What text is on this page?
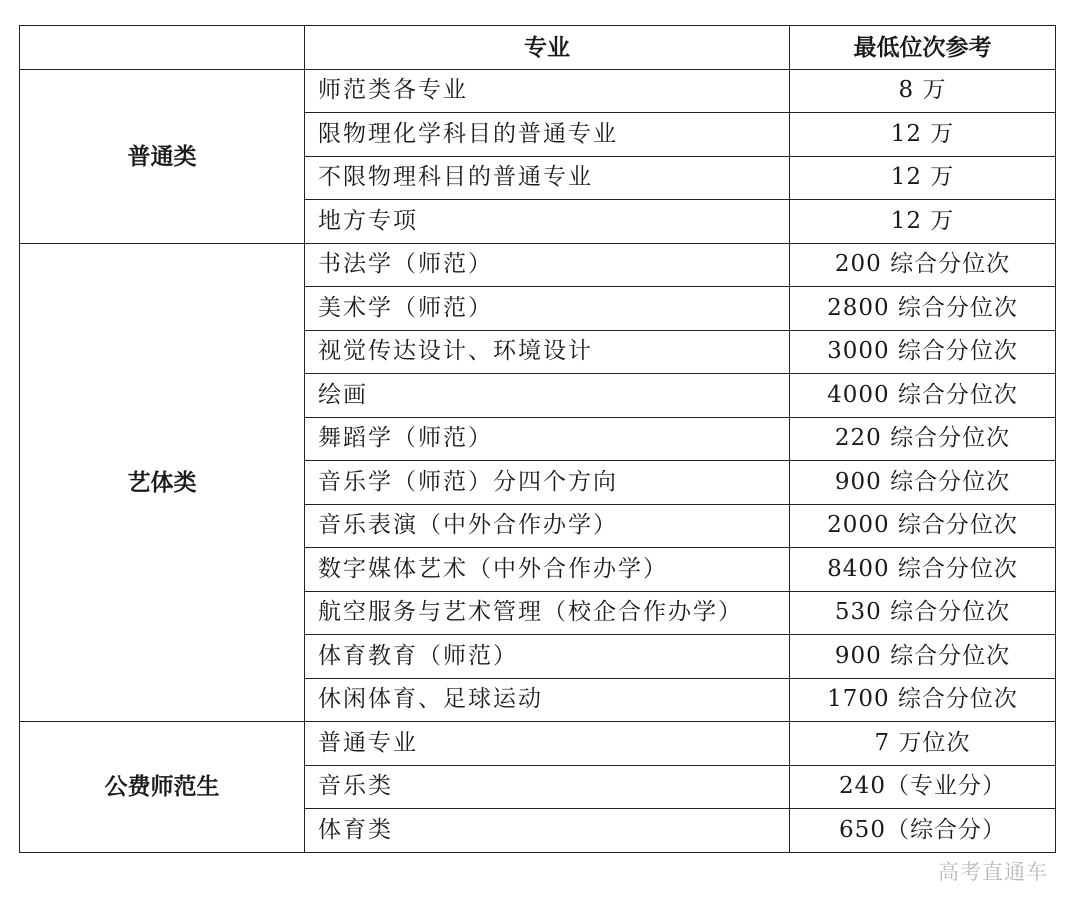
	专业	最低位次参考
普通类	师范类各专业	8 万
	限物理化学科目的普通专业	12 万
	不限物理科目的普通专业	12 万
	地方专项	12 万
艺体类	书法学（师范）	200 综合分位次
	美术学（师范）	2800 综合分位次
	视觉传达设计、环境设计	3000 综合分位次
	绘画	4000 综合分位次
	舞蹈学（师范）	220 综合分位次
	音乐学（师范）分四个方向	900 综合分位次
	音乐表演（中外合作办学）	2000 综合分位次
	数字媒体艺术（中外合作办学）	8400 综合分位次
	航空服务与艺术管理（校企合作办学）	530 综合分位次
	体育教育（师范）	900 综合分位次
	休闲体育、足球运动	1700 综合分位次
公费师范生	普通专业	7 万位次
	音乐类	240（专业分）
	体育类	650（综合分）
高考直通车
